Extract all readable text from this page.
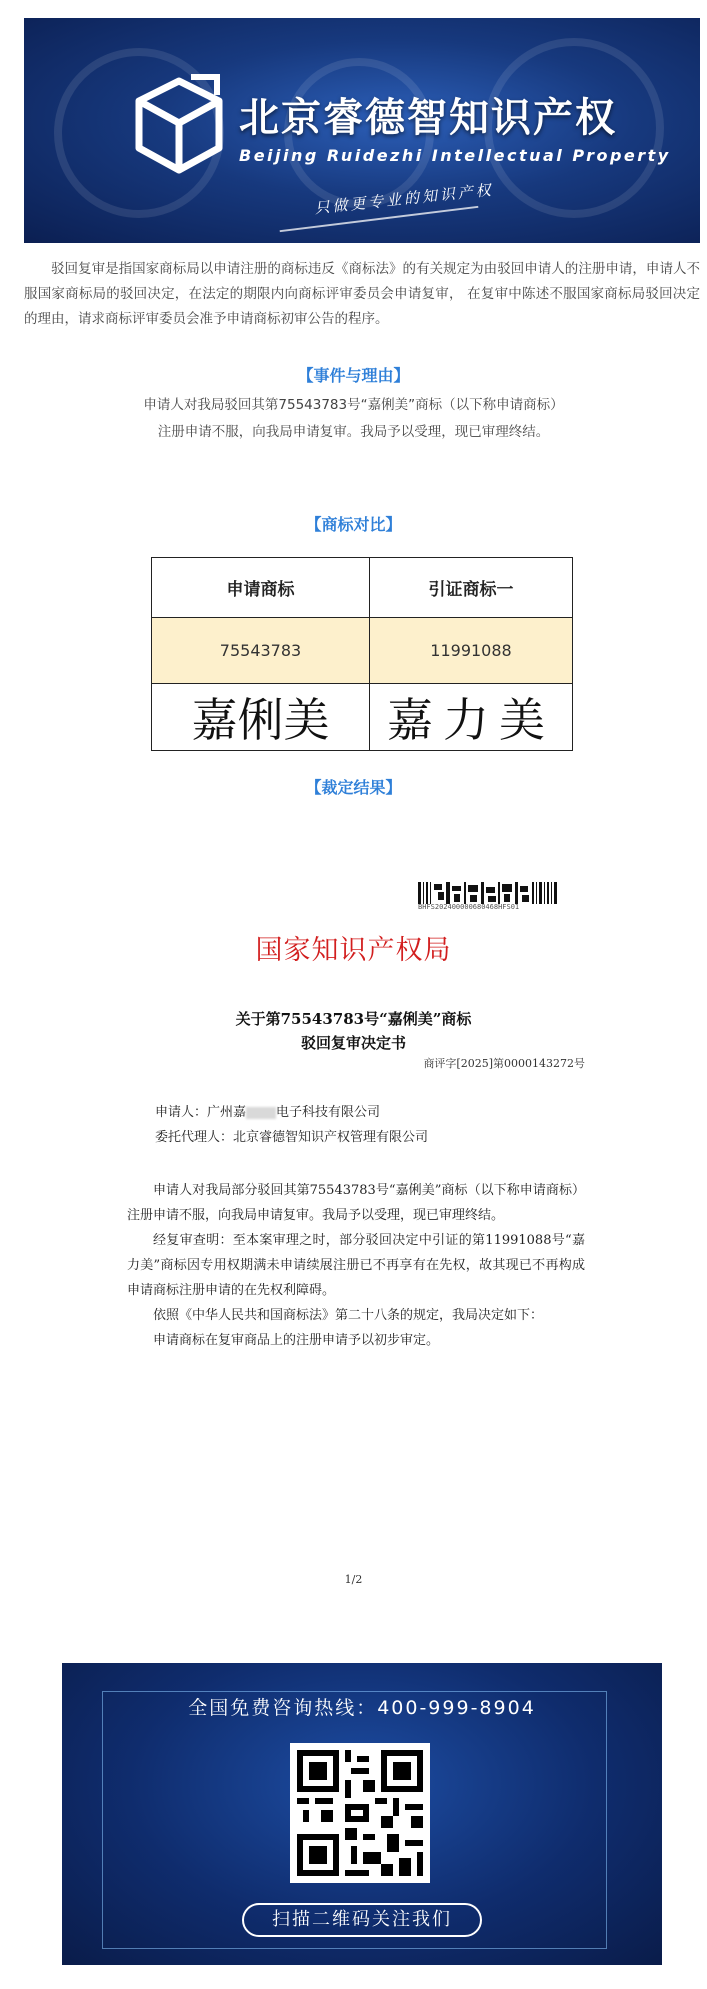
北京睿德智知识产权
Beijing Ruidezhi Intellectual Property
只做更专业的知识产权
驳回复审是指国家商标局以申请注册的商标违反《商标法》的有关规定为由驳回申请人的注册申请，申请人不服国家商标局的驳回决定，在法定的期限内向商标评审委员会申请复审， 在复审中陈述不服国家商标局驳回决定的理由，请求商标评审委员会准予申请商标初审公告的程序。
【事件与理由】
申请人对我局驳回其第75543783号“嘉俐美”商标（以下称申请商标）
注册申请不服，向我局申请复审。我局予以受理，现已审理终结。
【商标对比】
申请商标	引证商标一
75543783	11991088
嘉俐美	嘉力美
【裁定结果】
BHFS202400000680468HFS01
国家知识产权局
关于第75543783号“嘉俐美”商标
驳回复审决定书
商评字[2025]第0000143272号
申请人：广州嘉 电子科技有限公司
委托代理人：北京睿德智知识产权管理有限公司
申请人对我局部分驳回其第75543783号“嘉俐美”商标（以下称申请商标）注册申请不服，向我局申请复审。我局予以受理，现已审理终结。
经复审查明：至本案审理之时，部分驳回决定中引证的第11991088号“嘉力美”商标因专用权期满未申请续展注册已不再享有在先权，故其现已不再构成申请商标注册申请的在先权利障碍。
依照《中华人民共和国商标法》第二十八条的规定，我局决定如下：
申请商标在复审商品上的注册申请予以初步审定。
1/2
全国免费咨询热线：400-999-8904
扫描二维码关注我们
